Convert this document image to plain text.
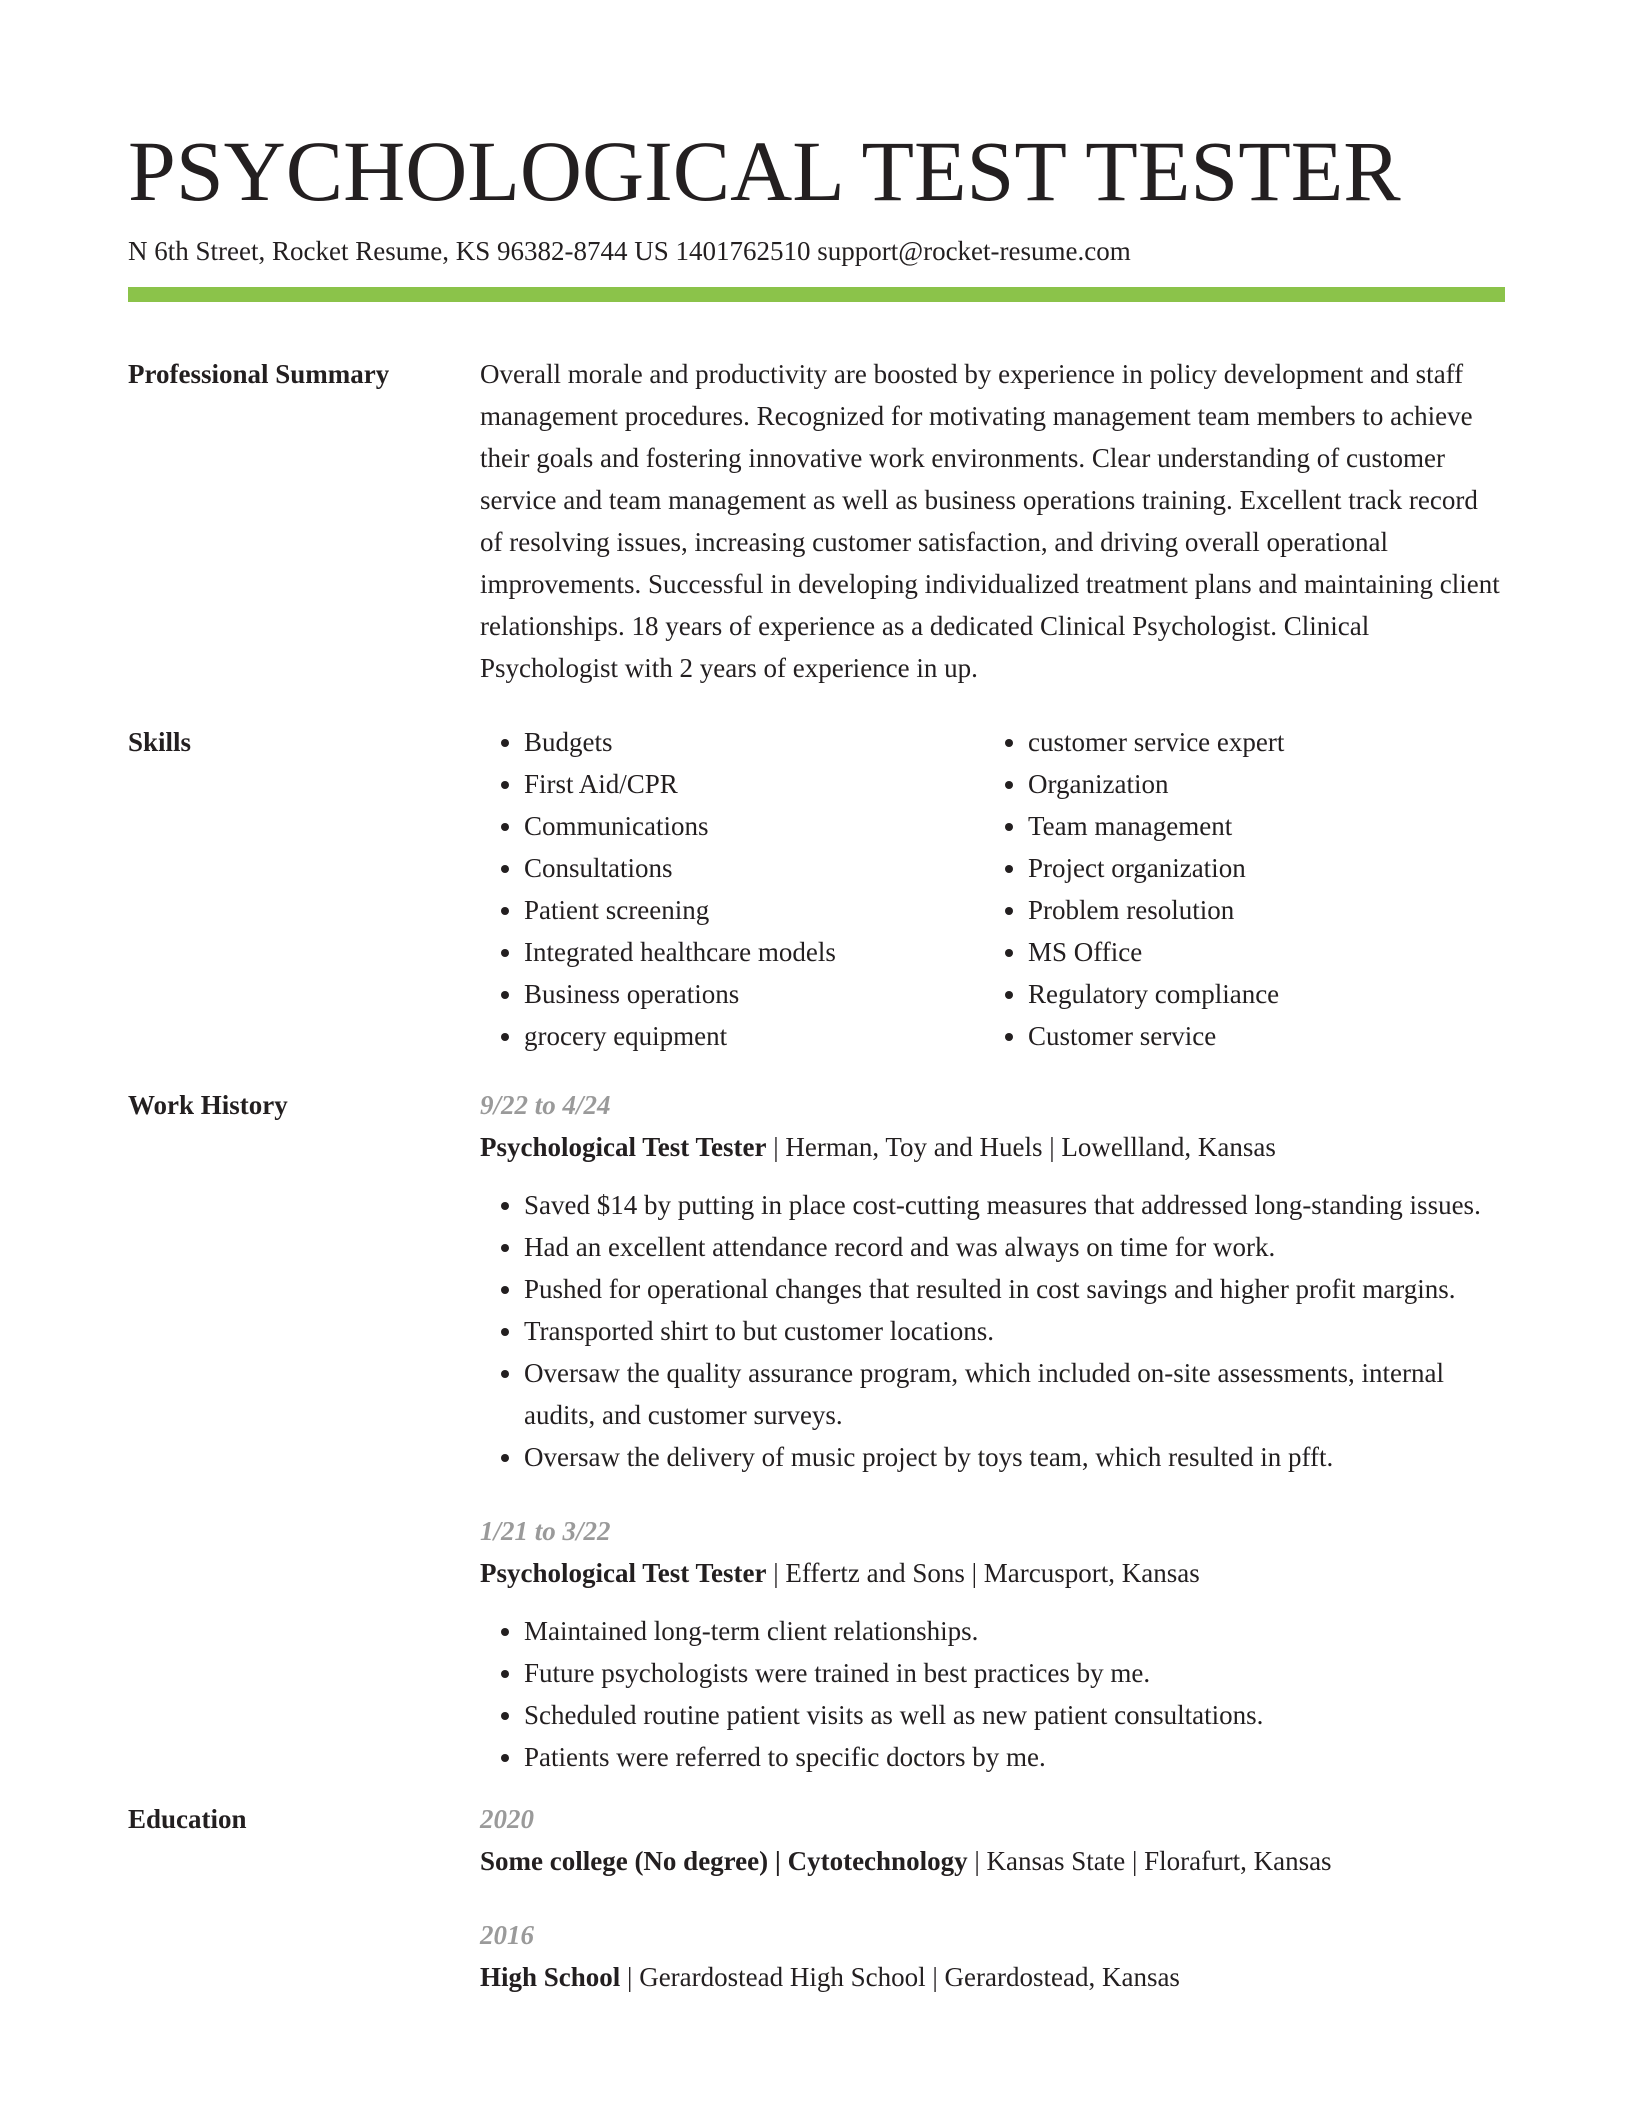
PSYCHOLOGICAL TEST TESTER
N 6th Street, Rocket Resume, KS 96382-8744 US 1401762510 support@rocket-resume.com
Professional Summary	Overall morale and productivity are boosted by experience in policy development and staff management procedures. Recognized for motivating management team members to achieve their goals and fostering innovative work environments. Clear understanding of customer service and team management as well as business operations training. Excellent track record of resolving issues, increasing customer satisfaction, and driving overall operational improvements. Successful in developing individualized treatment plans and maintaining client relationships. 18 years of experience as a dedicated Clinical Psychologist. Clinical Psychologist with 2 years of experience in up.

Skills
•	Budgets
• First Aid/CPR
• Communications
• Consultations
• Patient screening
• Integrated healthcare models
• Business operations
• grocery equipment
• customer service expert
• Organization
• Team management
• Project organization
• Problem resolution
• MS Office
• Regulatory compliance
• Customer service
Work History	9/22 to 4/24
Psychological Test Tester | Herman, Toy and Huels | Lowellland, Kansas
• Saved $14 by putting in place cost-cutting measures that addressed long-standing issues.
• Had an excellent attendance record and was always on time for work.
• Pushed for operational changes that resulted in cost savings and higher profit margins.
• Transported shirt to but customer locations.
• Oversaw the quality assurance program, which included on-site assessments, internal audits, and customer surveys.
• Oversaw the delivery of music project by toys team, which resulted in pfft.
1/21 to 3/22
Psychological Test Tester | Effertz and Sons | Marcusport, Kansas
• Maintained long-term client relationships.
• Future psychologists were trained in best practices by me.
• Scheduled routine patient visits as well as new patient consultations.
• Patients were referred to specific doctors by me.
Education	2020
Some college (No degree) | Cytotechnology | Kansas State | Florafurt, Kansas
2016
High School | Gerardostead High School | Gerardostead, Kansas
